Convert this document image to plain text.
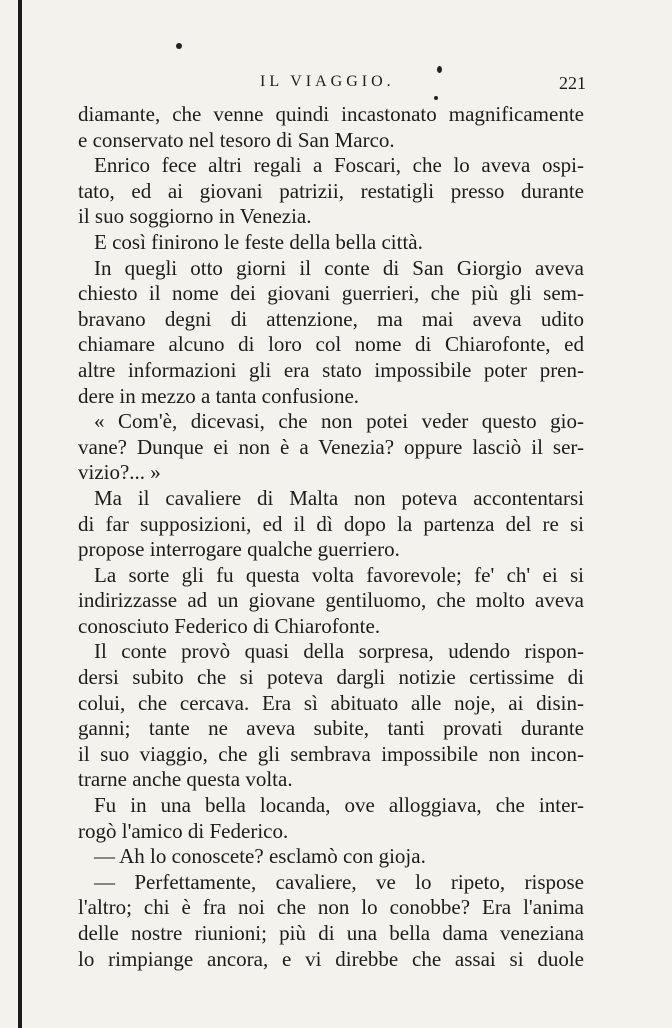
IL VIAGGIO.	221
diamante, che venne quindi incastonato magnificamente
e conservato nel tesoro di San Marco.
Enrico fece altri regali a Foscari, che lo aveva ospi-
tato, ed ai giovani patrizii, restatigli presso durante
il suo soggiorno in Venezia.
E così finirono le feste della bella città.
In quegli otto giorni il conte di San Giorgio aveva
chiesto il nome dei giovani guerrieri, che più gli sem-
bravano degni di attenzione, ma mai aveva udito
chiamare alcuno di loro col nome di Chiarofonte, ed
altre informazioni gli era stato impossibile poter pren-
dere in mezzo a tanta confusione.
« Com'è, dicevasi, che non potei veder questo gio-
vane? Dunque ei non è a Venezia? oppure lasciò il ser-
vizio?... »
Ma il cavaliere di Malta non poteva accontentarsi
di far supposizioni, ed il dì dopo la partenza del re si
propose interrogare qualche guerriero.
La sorte gli fu questa volta favorevole; fe' ch' ei si
indirizzasse ad un giovane gentiluomo, che molto aveva
conosciuto Federico di Chiarofonte.
Il conte provò quasi della sorpresa, udendo rispon-
dersi subito che si poteva dargli notizie certissime di
colui, che cercava. Era sì abituato alle noje, ai disin-
ganni; tante ne aveva subite, tanti provati durante
il suo viaggio, che gli sembrava impossibile non incon-
trarne anche questa volta.
Fu in una bella locanda, ove alloggiava, che inter-
rogò l'amico di Federico.
— Ah lo conoscete? esclamò con gioja.
— Perfettamente, cavaliere, ve lo ripeto, rispose
l'altro; chi è fra noi che non lo conobbe? Era l'anima
delle nostre riunioni; più di una bella dama veneziana
lo rimpiange ancora, e vi direbbe che assai si duole
